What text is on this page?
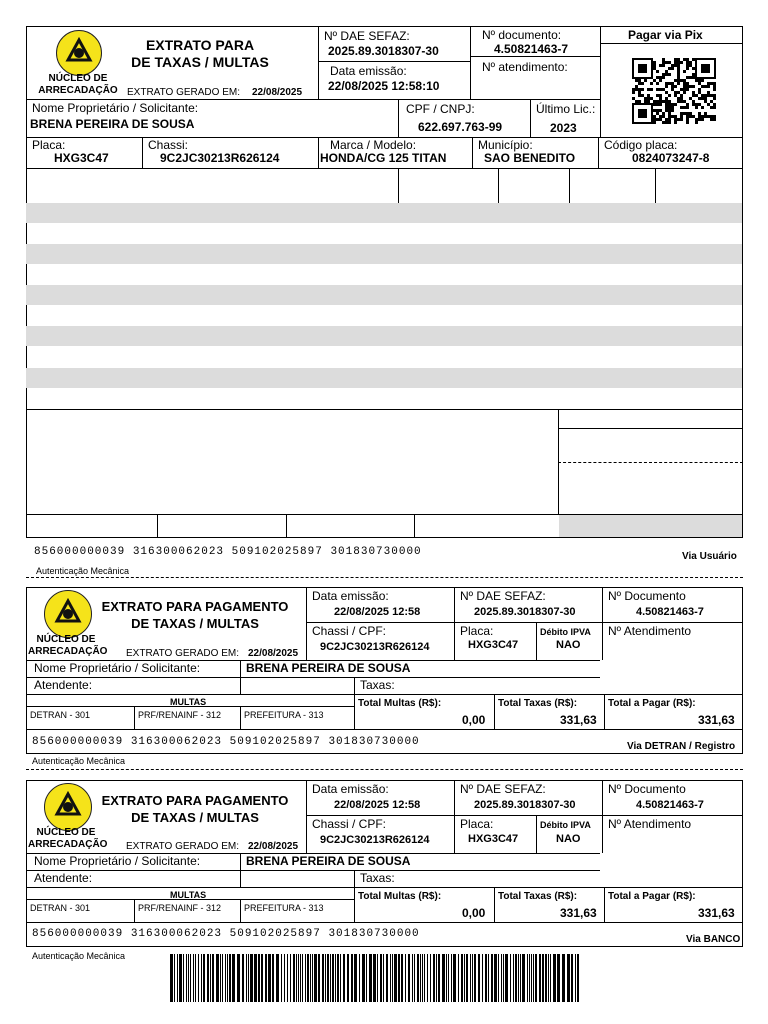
EXTRATO PARA
DE TAXAS / MULTAS
NÚCLEO DE ARRECADAÇÃO EXTRATO GERADO EM: 22/08/2025
Nº DAE SEFAZ:
2025.89.3018307-30
Data emissão:
22/08/2025 12:58:10
Nº documento:
4.50821463-7
Nº atendimento:
Pagar via Pix
Nome Proprietário / Solicitante:
BRENA PEREIRA DE SOUSA
CPF / CNPJ:
622.697.763-99
Último Lic.:
2023
Placa:
HXG3C47
Chassi:
9C2JC30213R626124
Marca / Modelo:
HONDA/CG 125 TITAN
Município:
SAO BENEDITO
Código placa:
0824073247-8
856000000039 316300062023 509102025897 301830730000	Via Usuário
Autenticação Mecânica
EXTRATO PARA PAGAMENTO
DE TAXAS / MULTAS
NÚCLEO DE ARRECADAÇÃO EXTRATO GERADO EM: 22/08/2025
Data emissão:
22/08/2025 12:58
Nº DAE SEFAZ:
2025.89.3018307-30
Nº Documento
4.50821463-7
Chassi / CPF:
9C2JC30213R626124
Placa:
HXG3C47
Débito IPVA
NAO
Nº Atendimento
Nome Proprietário / Solicitante:	BRENA PEREIRA DE SOUSA
Atendente:	Taxas:
MULTAS
DETRAN - 301	PRF/RENAINF - 312	PREFEITURA - 313
Total Multas (R$):
0,00
Total Taxas (R$):
331,63
Total a Pagar (R$):
331,63
856000000039 316300062023 509102025897 301830730000	Via DETRAN / Registro
Autenticação Mecânica
EXTRATO PARA PAGAMENTO
DE TAXAS / MULTAS
NÚCLEO DE ARRECADAÇÃO EXTRATO GERADO EM: 22/08/2025
Data emissão:
22/08/2025 12:58
Nº DAE SEFAZ:
2025.89.3018307-30
Nº Documento
4.50821463-7
Chassi / CPF:
9C2JC30213R626124
Placa:
HXG3C47
Débito IPVA
NAO
Nº Atendimento
Nome Proprietário / Solicitante:	BRENA PEREIRA DE SOUSA
Atendente:	Taxas:
MULTAS
DETRAN - 301	PRF/RENAINF - 312	PREFEITURA - 313
Total Multas (R$):
0,00
Total Taxas (R$):
331,63
Total a Pagar (R$):
331,63
856000000039 316300062023 509102025897 301830730000	Via BANCO
Autenticação Mecânica
